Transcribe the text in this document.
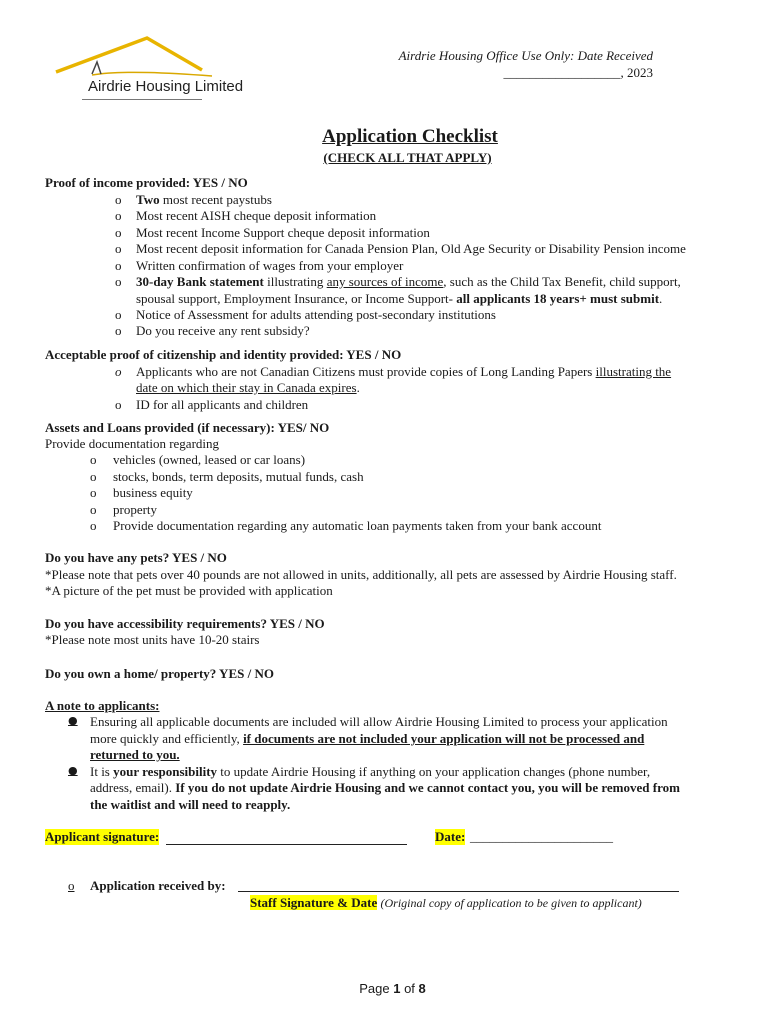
Airdrie Housing Limited
Airdrie Housing Office Use Only: Date Received
__________________, 2023
Application Checklist
(CHECK ALL THAT APPLY)
Proof of income provided: YES / NO
o	Two most recent paystubs
o	Most recent AISH cheque deposit information
o	Most recent Income Support cheque deposit information
o	Most recent deposit information for Canada Pension Plan, Old Age Security or Disability Pension income
o	Written confirmation of wages from your employer
o	30-day Bank statement illustrating any sources of income, such as the Child Tax Benefit, child support,
spousal support, Employment Insurance, or Income Support- all applicants 18 years+ must submit.
o	Notice of Assessment for adults attending post-secondary institutions
o	Do you receive any rent subsidy?
Acceptable proof of citizenship and identity provided: YES / NO
o	Applicants who are not Canadian Citizens must provide copies of Long Landing Papers illustrating the
date on which their stay in Canada expires.
o	ID for all applicants and children
Assets and Loans provided (if necessary): YES/ NO
Provide documentation regarding
o	vehicles (owned, leased or car loans)
o	stocks, bonds, term deposits, mutual funds, cash
o	business equity
o	property
o	Provide documentation regarding any automatic loan payments taken from your bank account
Do you have any pets? YES / NO
*Please note that pets over 40 pounds are not allowed in units, additionally, all pets are assessed by Airdrie Housing staff.
*A picture of the pet must be provided with application
Do you have accessibility requirements? YES / NO
*Please note most units have 10-20 stairs
Do you own a home/ property? YES / NO
A note to applicants:
● Ensuring all applicable documents are included will allow Airdrie Housing Limited to process your application
more quickly and efficiently, if documents are not included your application will not be processed and
returned to you.
● It is your responsibility to update Airdrie Housing if anything on your application changes (phone number,
address, email). If you do not update Airdrie Housing and we cannot contact you, you will be removed from
the waitlist and will need to reapply.
Applicant signature:	Date: ______________________
o	Application received by:
Staff Signature & Date (Original copy of application to be given to applicant)
Page 1 of 8
